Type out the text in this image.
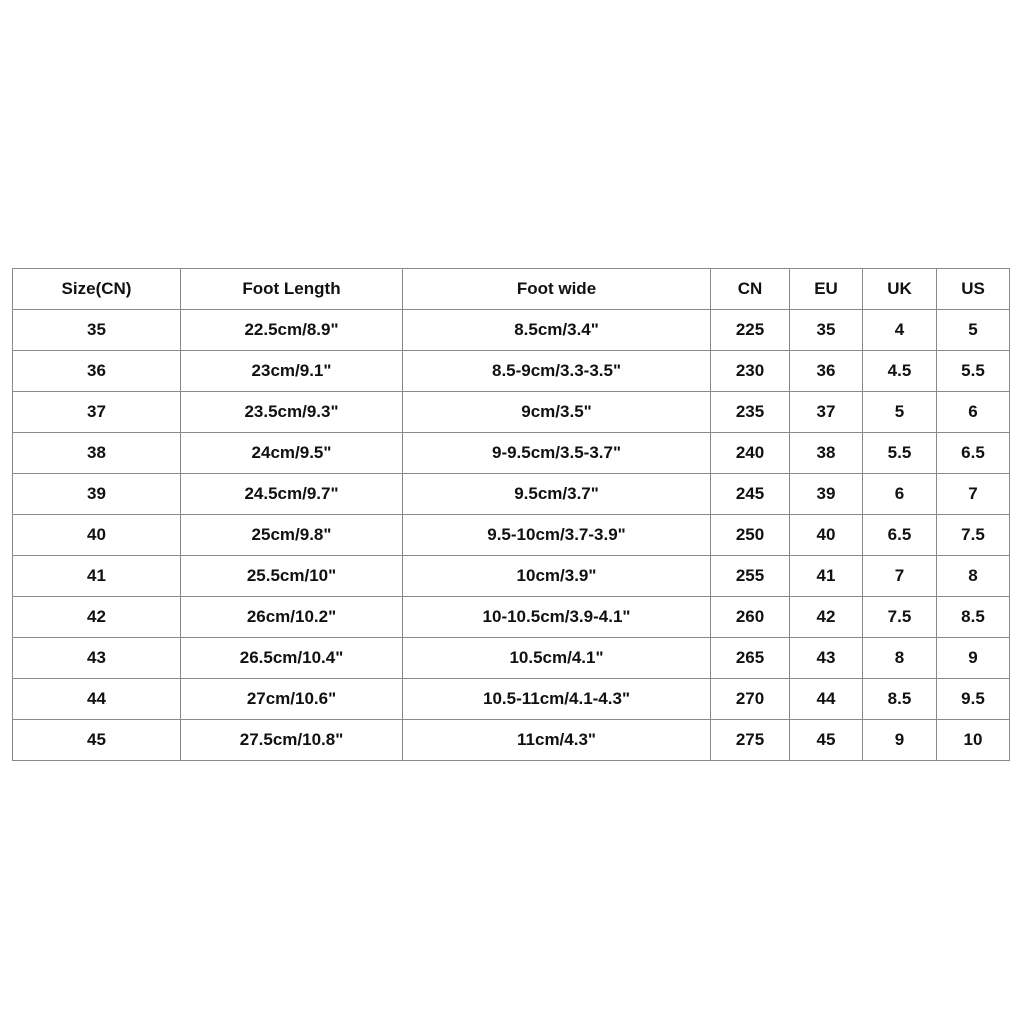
Size(CN)	Foot Length	Foot wide	CN	EU	UK	US
35	22.5cm/8.9"	8.5cm/3.4"	225	35	4	5
36	23cm/9.1"	8.5-9cm/3.3-3.5"	230	36	4.5	5.5
37	23.5cm/9.3"	9cm/3.5"	235	37	5	6
38	24cm/9.5"	9-9.5cm/3.5-3.7"	240	38	5.5	6.5
39	24.5cm/9.7"	9.5cm/3.7"	245	39	6	7
40	25cm/9.8"	9.5-10cm/3.7-3.9"	250	40	6.5	7.5
41	25.5cm/10"	10cm/3.9"	255	41	7	8
42	26cm/10.2"	10-10.5cm/3.9-4.1"	260	42	7.5	8.5
43	26.5cm/10.4"	10.5cm/4.1"	265	43	8	9
44	27cm/10.6"	10.5-11cm/4.1-4.3"	270	44	8.5	9.5
45	27.5cm/10.8"	11cm/4.3"	275	45	9	10
